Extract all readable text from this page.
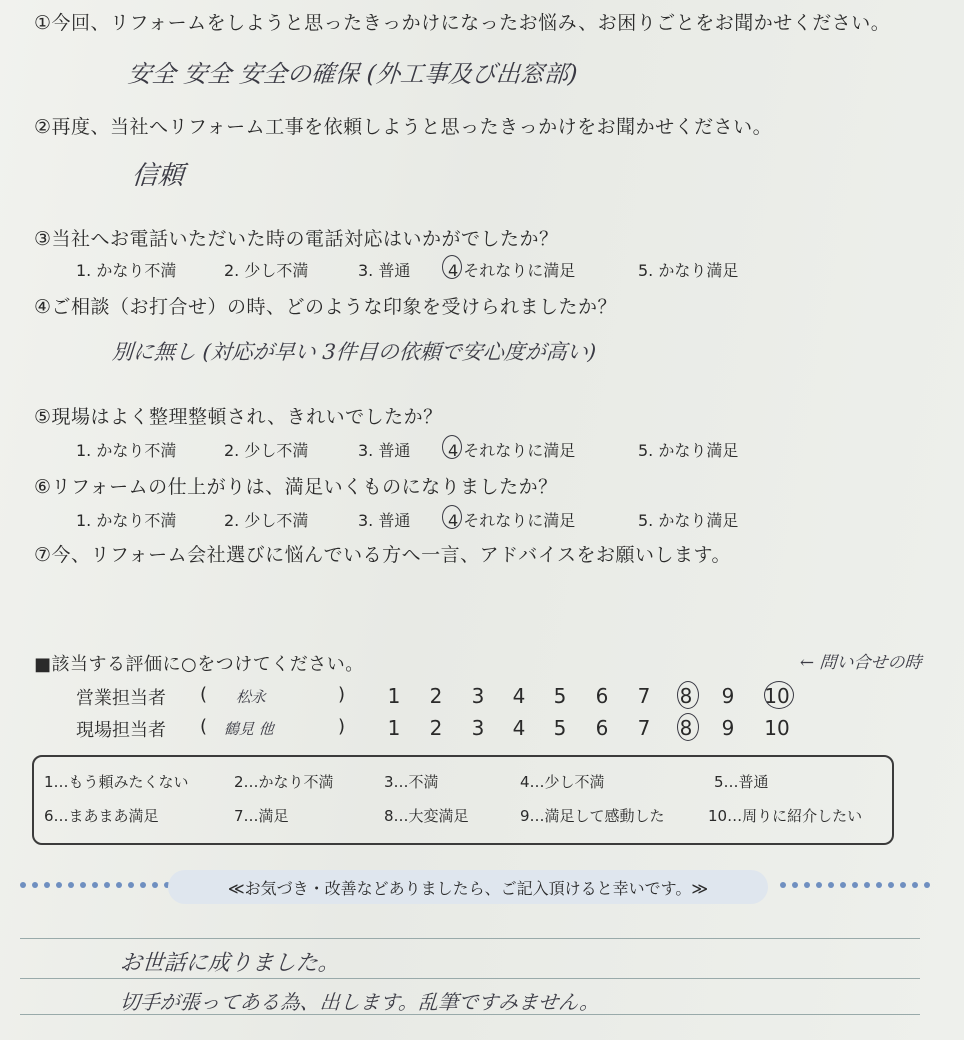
①今回、リフォームをしようと思ったきっかけになったお悩み、お困りごとをお聞かせください。
安全 安全 安全の確保 (外工事及び出窓部)
②再度、当社へリフォーム工事を依頼しようと思ったきっかけをお聞かせください。
信頼
③当社へお電話いただいた時の電話対応はいかがでしたか？
1. かなり不満	2. 少し不満	3. 普通 4 それなりに満足	5. かなり満足
④ご相談（お打合せ）の時、どのような印象を受けられましたか？
別に無し (対応が早い 3件目の依頼で安心度が高い)
⑤現場はよく整理整頓され、きれいでしたか？
1. かなり不満	2. 少し不満	3. 普通 4 それなりに満足	5. かなり満足
⑥リフォームの仕上がりは、満足いくものになりましたか？
1. かなり不満	2. 少し不満	3. 普通 4 それなりに満足	5. かなり満足
⑦今、リフォーム会社選びに悩んでいる方へ一言、アドバイスをお願いします。
■該当する評価に○をつけてください。	← 問い合せの時
営業担当者 ( 松永	) 1 2 3 4 5 6 7 8 9 10
現場担当者 ( 鶴見 他	) 1 2 3 4 5 6 7 8 9 10
1…もう頼みたくない	2…かなり不満	3…不満	4…少し不満	5…普通
6…まあまあ満足	7…満足	8…大変満足	9…満足して感動した	10…周りに紹介したい
≪お気づき・改善などありましたら、ご記入頂けると幸いです。≫
お世話に成りました。
切手が張ってある為、出します。乱筆ですみません。
